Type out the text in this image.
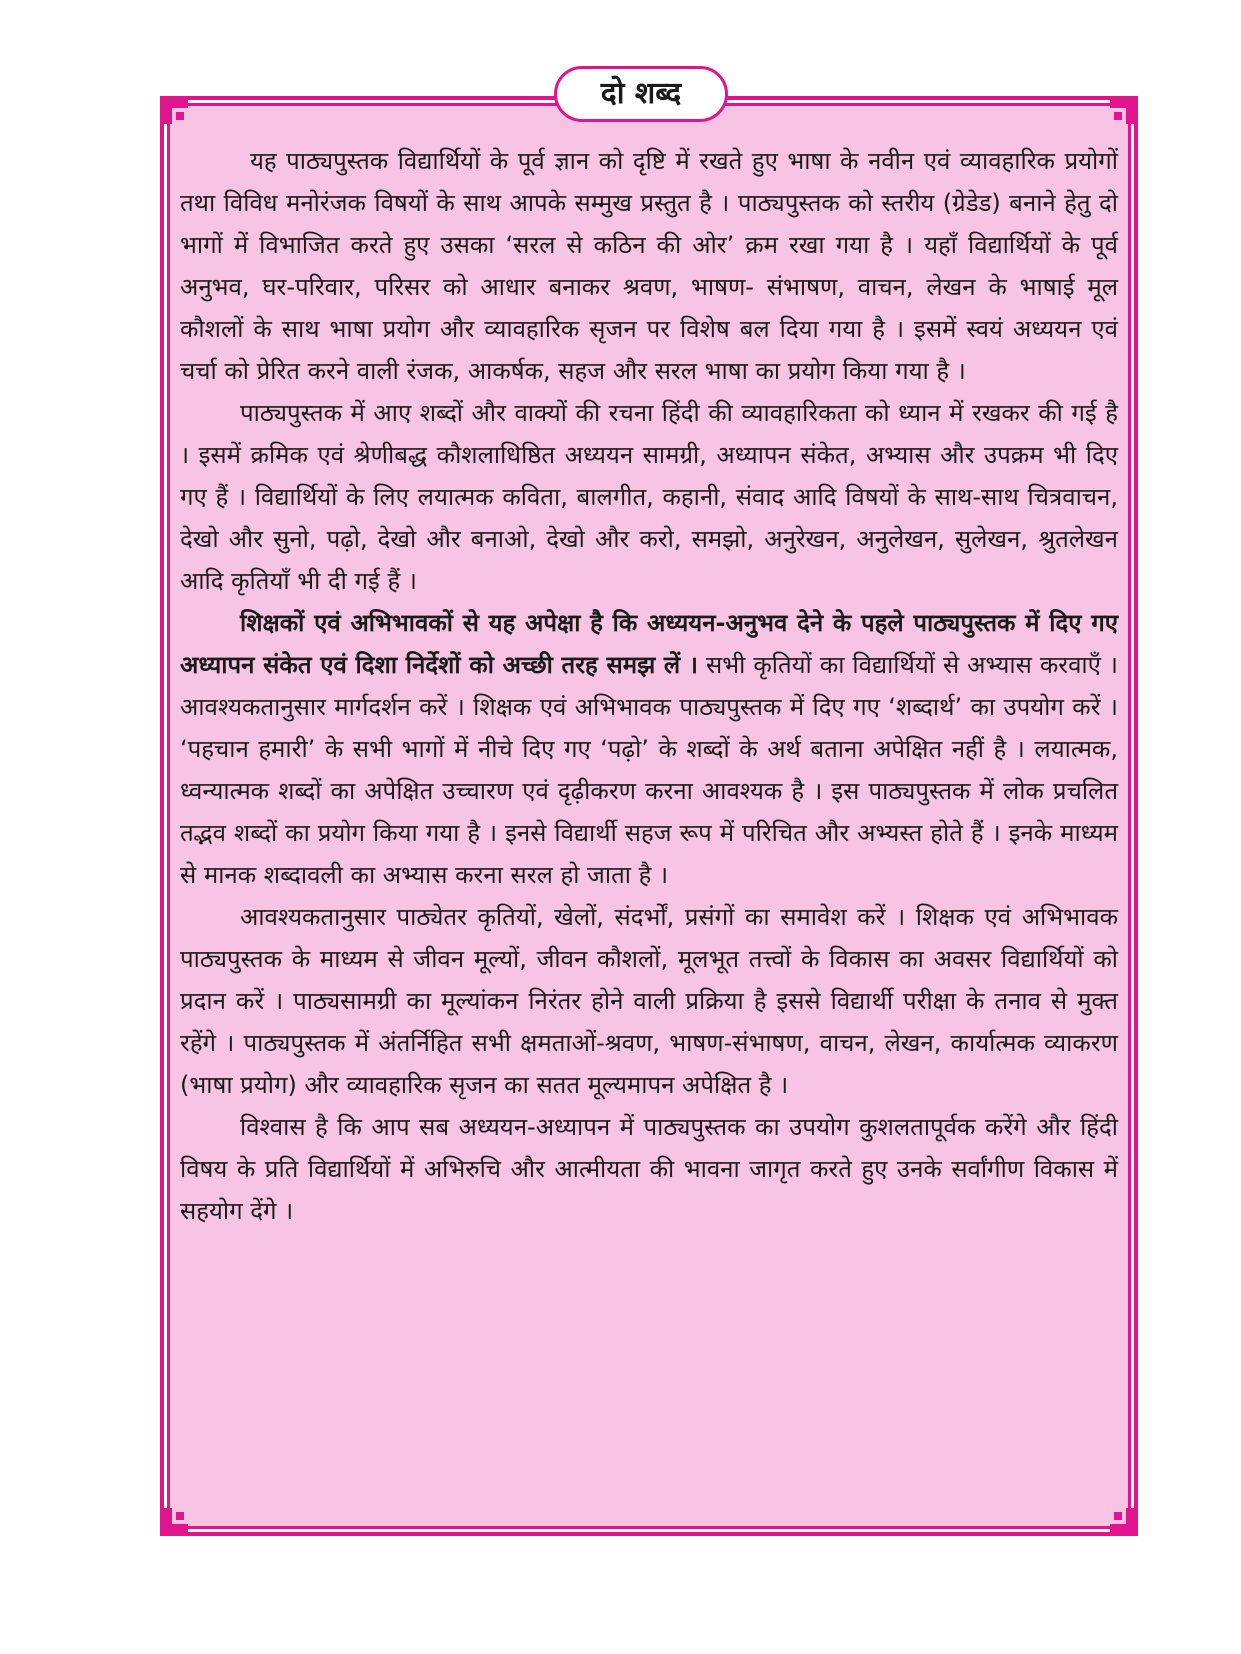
दो शब्द

यह पाठ्यपुस्तक विद्यार्थियों के पूर्व ज्ञान को दृष्टि में रखते हुए भाषा के नवीन एवं व्यावहारिक प्रयोगों तथा विविध मनोरंजक विषयों के साथ आपके सम्मुख प्रस्तुत है । पाठ्यपुस्तक को स्तरीय (ग्रेडेड) बनाने हेतु दो भागों में विभाजित करते हुए उसका ‘सरल से कठिन की ओर’ क्रम रखा गया है । यहाँ विद्यार्थियों के पूर्व अनुभव, घर-परिवार, परिसर को आधार बनाकर श्रवण, भाषण- संभाषण, वाचन, लेखन के भाषाई मूल कौशलों के साथ भाषा प्रयोग और व्यावहारिक सृजन पर विशेष बल दिया गया है । इसमें स्वयं अध्ययन एवं चर्चा को प्रेरित करने वाली रंजक, आकर्षक, सहज और सरल भाषा का प्रयोग किया गया है ।

पाठ्यपुस्तक में आए शब्दों और वाक्यों की रचना हिंदी की व्यावहारिकता को ध्यान में रखकर की गई है । इसमें क्रमिक एवं श्रेणीबद्ध कौशलाधिष्ठित अध्ययन सामग्री, अध्यापन संकेत, अभ्यास और उपक्रम भी दिए गए हैं । विद्यार्थियों के लिए लयात्मक कविता, बालगीत, कहानी, संवाद आदि विषयों के साथ-साथ चित्रवाचन, देखो और सुनो, पढ़ो, देखो और बनाओ, देखो और करो, समझो, अनुरेखन, अनुलेखन, सुलेखन, श्रुतलेखन आदि कृतियाँ भी दी गई हैं ।

शिक्षकों एवं अभिभावकों से यह अपेक्षा है कि अध्ययन-अनुभव देने के पहले पाठ्यपुस्तक में दिए गए अध्यापन संकेत एवं दिशा निर्देशों को अच्छी तरह समझ लें । सभी कृतियों का विद्यार्थियों से अभ्यास करवाएँ । आवश्यकतानुसार मार्गदर्शन करें । शिक्षक एवं अभिभावक पाठ्यपुस्तक में दिए गए ‘शब्दार्थ’ का उपयोग करें । ‘पहचान हमारी’ के सभी भागों में नीचे दिए गए ‘पढ़ो’ के शब्दों के अर्थ बताना अपेक्षित नहीं है । लयात्मक, ध्वन्यात्मक शब्दों का अपेक्षित उच्चारण एवं दृढ़ीकरण करना आवश्यक है । इस पाठ्यपुस्तक में लोक प्रचलित तद्भव शब्दों का प्रयोग किया गया है । इनसे विद्यार्थी सहज रूप में परिचित और अभ्यस्त होते हैं । इनके माध्यम से मानक शब्दावली का अभ्यास करना सरल हो जाता है ।

आवश्यकतानुसार पाठ्येतर कृतियों, खेलों, संदर्भों, प्रसंगों का समावेश करें । शिक्षक एवं अभिभावक पाठ्यपुस्तक के माध्यम से जीवन मूल्यों, जीवन कौशलों, मूलभूत तत्त्वों के विकास का अवसर विद्यार्थियों को प्रदान करें । पाठ्यसामग्री का मूल्यांकन निरंतर होने वाली प्रक्रिया है इससे विद्यार्थी परीक्षा के तनाव से मुक्त रहेंगे । पाठ्यपुस्तक में अंतर्निहित सभी क्षमताओं-श्रवण, भाषण-संभाषण, वाचन, लेखन, कार्यात्मक व्याकरण (भाषा प्रयोग) और व्यावहारिक सृजन का सतत मूल्यमापन अपेक्षित है ।

विश्वास है कि आप सब अध्ययन-अध्यापन में पाठ्यपुस्तक का उपयोग कुशलतापूर्वक करेंगे और हिंदी विषय के प्रति विद्यार्थियों में अभिरुचि और आत्मीयता की भावना जागृत करते हुए उनके सर्वांगीण विकास में सहयोग देंगे ।
